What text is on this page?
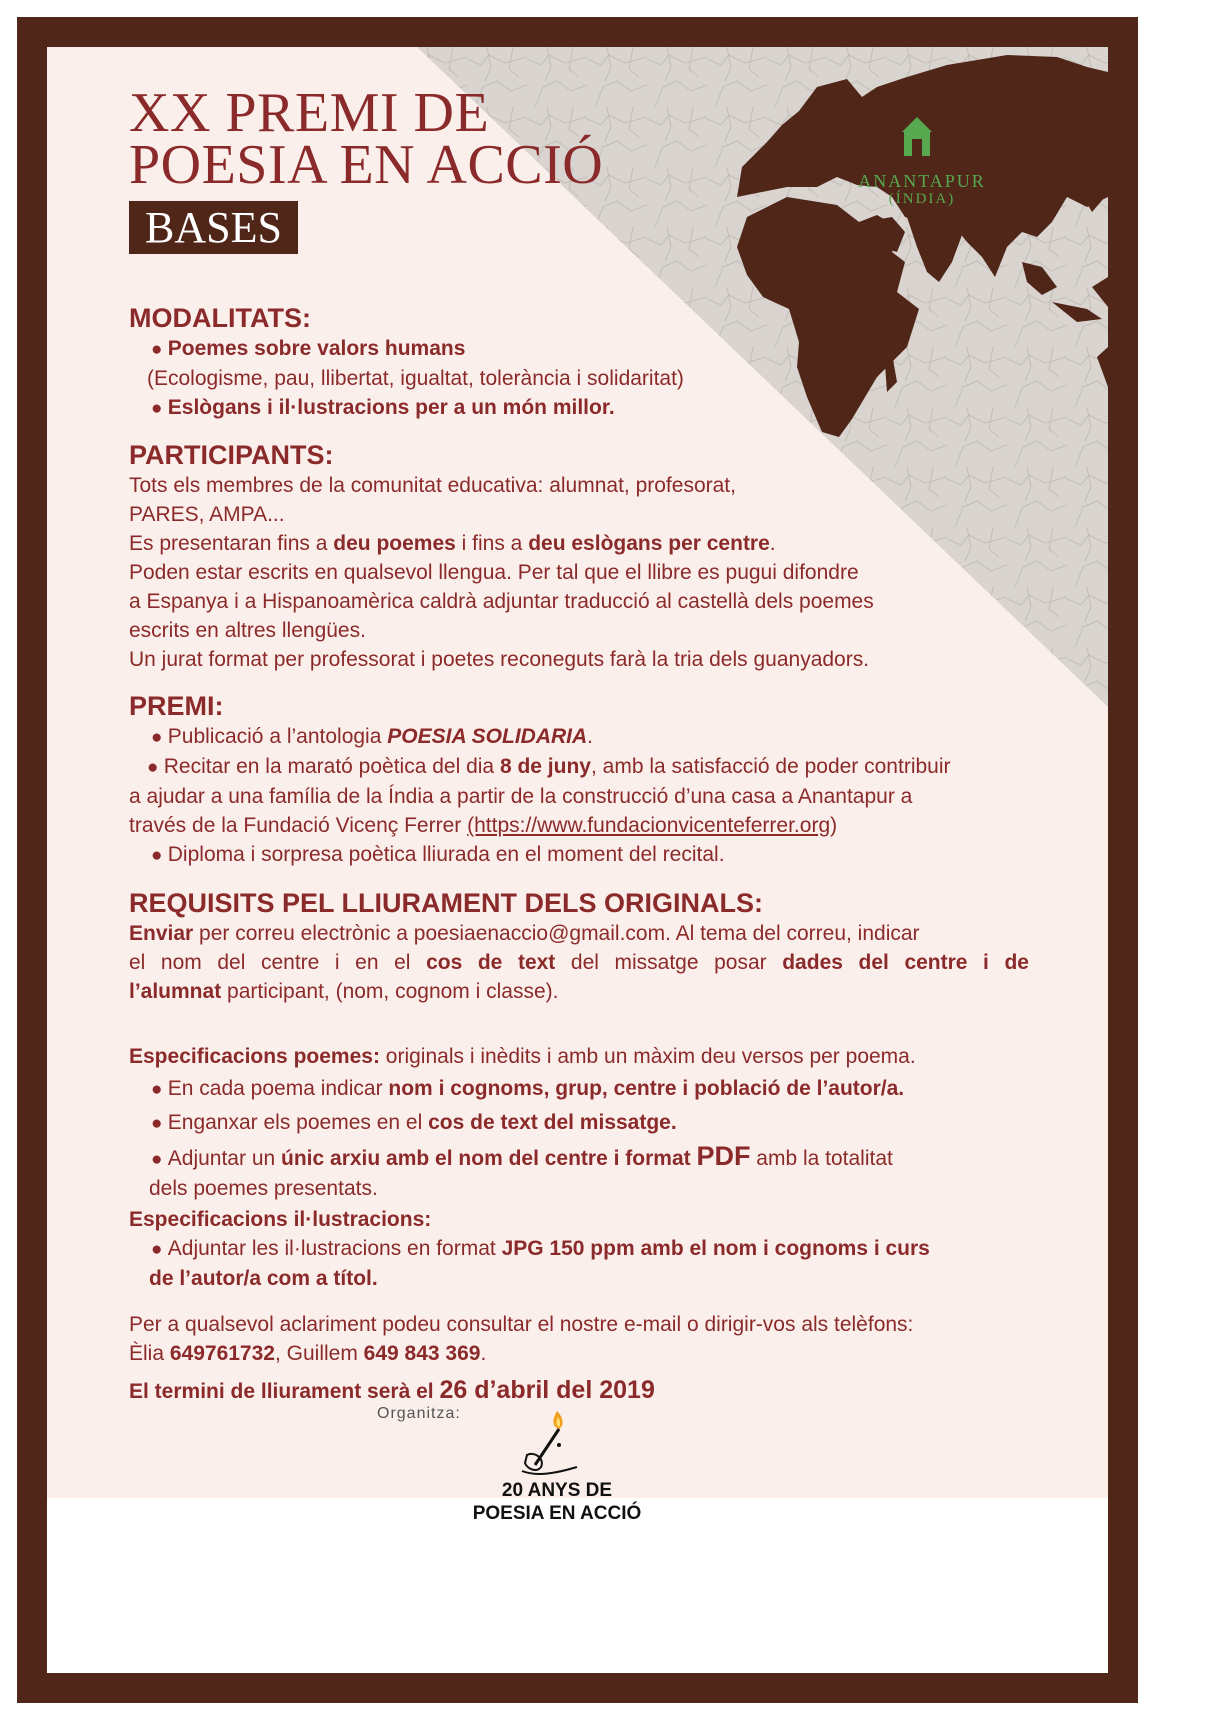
ANANTAPUR
(ÍNDIA)
XX PREMI DE
POESIA EN ACCIÓ
BASES
MODALITATS:

● Poemes sobre valors humans

(Ecologisme, pau, llibertat, igualtat, tolerància i solidaritat)

● Eslògans i il·lustracions per a un món millor.

PARTICIPANTS:

Tots els membres de la comunitat educativa: alumnat, profesorat,

PARES, AMPA...

Es presentaran fins a deu poemes i fins a deu eslògans per centre.

Poden estar escrits en qualsevol llengua. Per tal que el llibre es pugui difondre

a Espanya i a Hispanoamèrica caldrà adjuntar traducció al castellà dels poemes

escrits en altres llengües.

Un jurat format per professorat i poetes reconeguts farà la tria dels guanyadors.

PREMI:

● Publicació a l’antologia POESIA SOLIDARIA.

● Recitar en la marató poètica del dia 8 de juny, amb la satisfacció de poder contribuir

a ajudar a una família de la Índia a partir de la construcció d’una casa a Anantapur a

través de la Fundació Vicenç Ferrer (https://www.fundacionvicenteferrer.org)

● Diploma i sorpresa poètica lliurada en el moment del recital.

REQUISITS PEL LLIURAMENT DELS ORIGINALS:

Enviar per correu electrònic a poesiaenaccio@gmail.com. Al tema del correu, indicar

el nom del centre i en el cos de text del missatge posar dades del centre i de

l’alumnat participant, (nom, cognom i classe).

Especificacions poemes: originals i inèdits i amb un màxim deu versos per poema.

● En cada poema indicar nom i cognoms, grup, centre i població de l’autor/a.

● Enganxar els poemes en el cos de text del missatge.

● Adjuntar un únic arxiu amb el nom del centre i format PDF amb la totalitat

dels poemes presentats.

Especificacions il·lustracions:

● Adjuntar les il·lustracions en format JPG 150 ppm amb el nom i cognoms i curs

de l’autor/a com a títol.

Per a qualsevol aclariment podeu consultar el nostre e-mail o dirigir-vos als telèfons:

Èlia 649761732, Guillem 649 843 369.

El termini de lliurament serà el 26 d’abril del 2019

Organitza:
20 ANYS DE
POESIA EN ACCIÓ
